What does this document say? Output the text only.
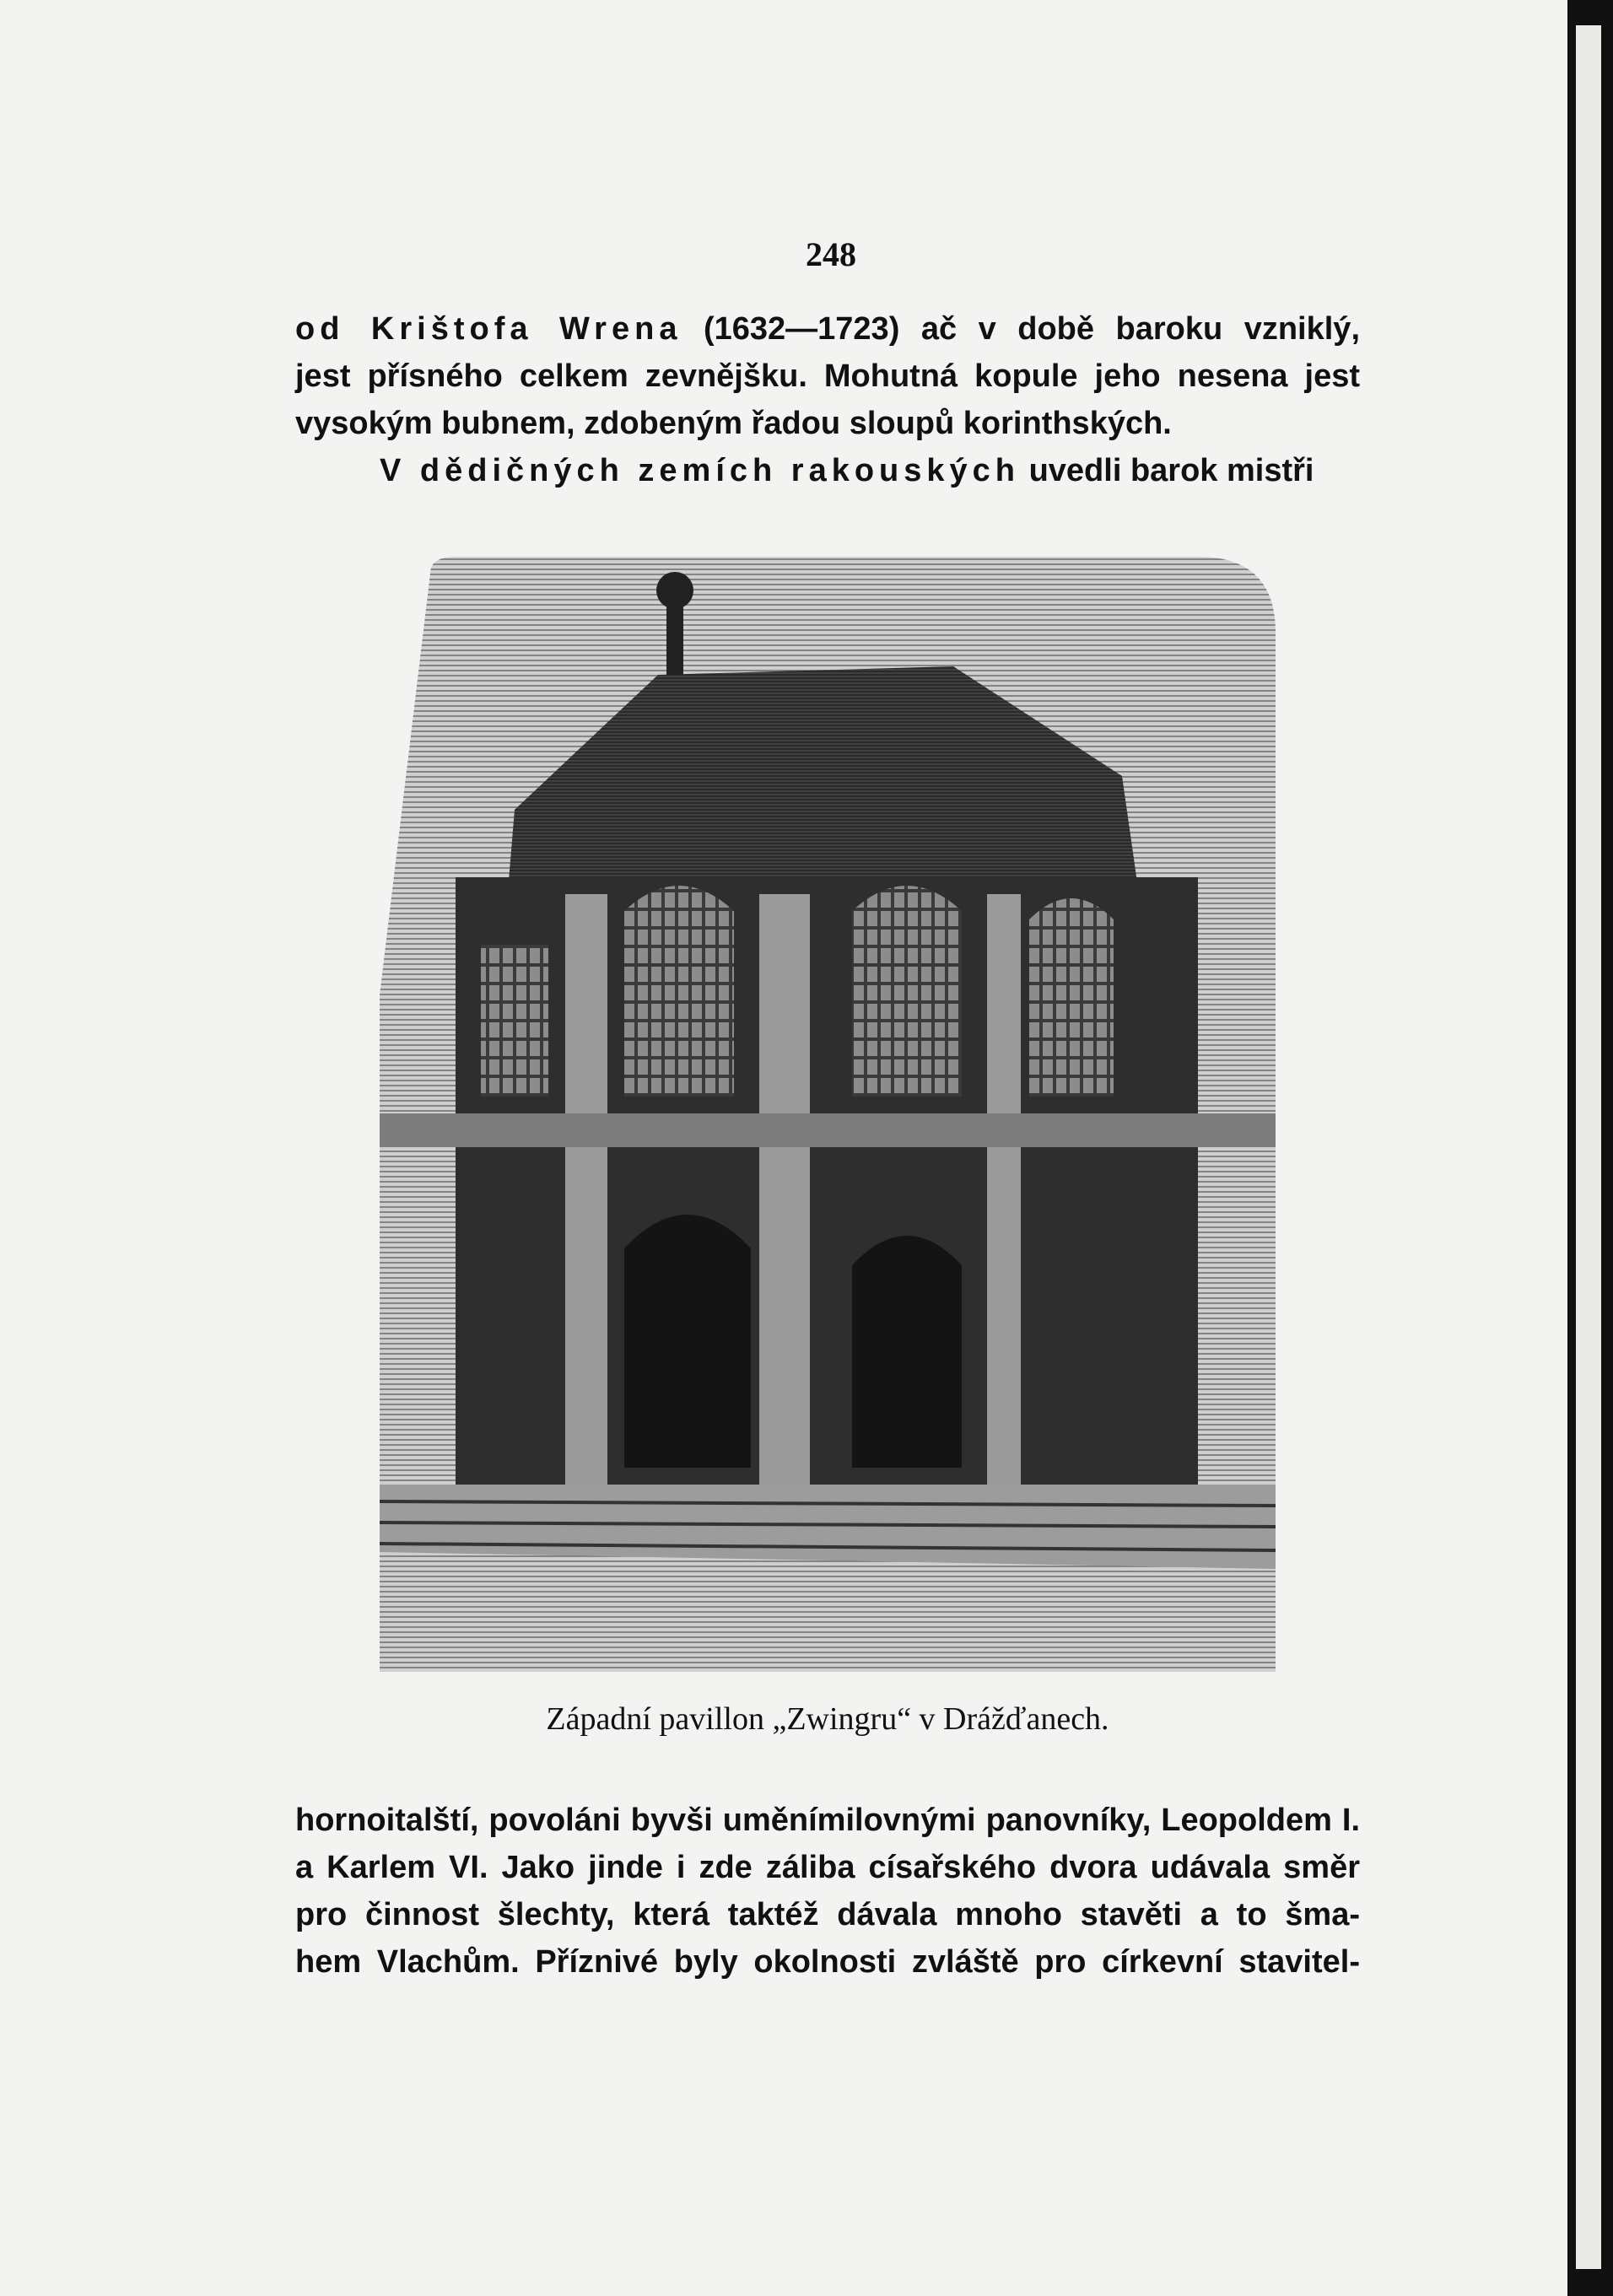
248

od Krištofa Wrena (1632—1723) ač v době baroku vzniklý,

jest přísného celkem zevnějšku. Mohutná kopule jeho nesena jest

vysokým bubnem, zdobeným řadou sloupů korinthských.

V dědičných zemích rakouských uvedli barok mistři

Západní pavillon „Zwingru“ v Drážďanech.

hornoitalští, povoláni byvši uměnímilovnými panovníky, Leopoldem I.

a Karlem VI. Jako jinde i zde záliba císařského dvora udávala směr

pro činnost šlechty, která taktéž dávala mnoho stavěti a to šma-

hem Vlachům. Příznivé byly okolnosti zvláště pro církevní stavitel-
